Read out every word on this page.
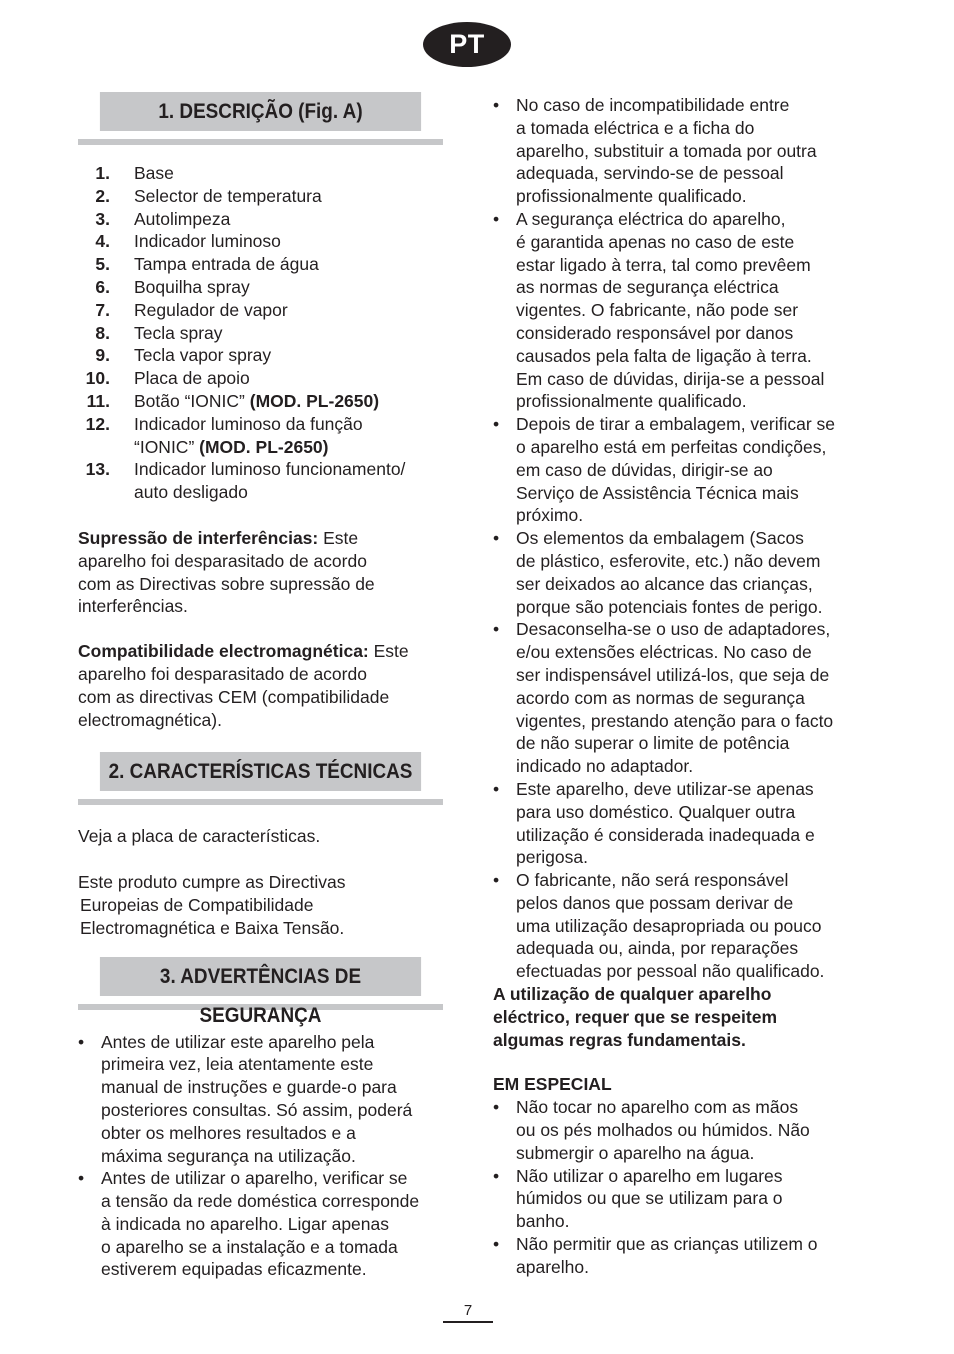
PT
1. DESCRIÇÃO (Fig. A)
1.	Base
2.	Selector de temperatura
3.	Autolimpeza
4.	Indicador luminoso
5.	Tampa entrada de água
6.	Boquilha spray
7.	Regulador de vapor
8.	Tecla spray
9.	Tecla vapor spray
10.	Placa de apoio
11.	Botão “IONIC” (MOD. PL-2650)
12.	Indicador luminoso da função
“IONIC” (MOD. PL-2650)
13.	Indicador luminoso funcionamento/
auto desligado
Supressão de interferências: Este
aparelho foi desparasitado de acordo
com as Directivas sobre supressão de
interferências.
Compatibilidade electromagnética: Este
aparelho foi desparasitado de acordo
com as directivas CEM (compatibilidade
electromagnética).
2. CARACTERÍSTICAS TÉCNICAS
Veja a placa de características.
Este produto cumpre as Directivas
Europeias de Compatibilidade
Electromagnética e Baixa Tensão.
3. ADVERTÊNCIAS DE SEGURANÇA
• Antes de utilizar este aparelho pela
primeira vez, leia atentamente este
manual de instruções e guarde-o para
posteriores consultas. Só assim, poderá
obter os melhores resultados e a
máxima segurança na utilização.
• Antes de utilizar o aparelho, verificar se
a tensão da rede doméstica corresponde
à indicada no aparelho. Ligar apenas
o aparelho se a instalação e a tomada
estiverem equipadas eficazmente.
• No caso de incompatibilidade entre
a tomada eléctrica e a ficha do
aparelho, substituir a tomada por outra
adequada, servindo-se de pessoal
profissionalmente qualificado.
• A segurança eléctrica do aparelho,
é garantida apenas no caso de este
estar ligado à terra, tal como prevêem
as normas de segurança eléctrica
vigentes. O fabricante, não pode ser
considerado responsável por danos
causados pela falta de ligação à terra.
Em caso de dúvidas, dirija-se a pessoal
profissionalmente qualificado.
• Depois de tirar a embalagem, verificar se
o aparelho está em perfeitas condições,
em caso de dúvidas, dirigir-se ao
Serviço de Assistência Técnica mais
próximo.
• Os elementos da embalagem (Sacos
de plástico, esferovite, etc.) não devem
ser deixados ao alcance das crianças,
porque são potenciais fontes de perigo.
• Desaconselha-se o uso de adaptadores,
e/ou extensões eléctricas. No caso de
ser indispensável utilizá-los, que seja de
acordo com as normas de segurança
vigentes, prestando atenção para o facto
de não superar o limite de potência
indicado no adaptador.
• Este aparelho, deve utilizar-se apenas
para uso doméstico. Qualquer outra
utilização é considerada inadequada e
perigosa.
• O fabricante, não será responsável
pelos danos que possam derivar de
uma utilização desapropriada ou pouco
adequada ou, ainda, por reparações
efectuadas por pessoal não qualificado.
A utilização de qualquer aparelho
eléctrico, requer que se respeitem
algumas regras fundamentais.
EM ESPECIAL
• Não tocar no aparelho com as mãos
ou os pés molhados ou húmidos. Não
submergir o aparelho na água.
• Não utilizar o aparelho em lugares
húmidos ou que se utilizam para o
banho.
• Não permitir que as crianças utilizem o
aparelho.
7
